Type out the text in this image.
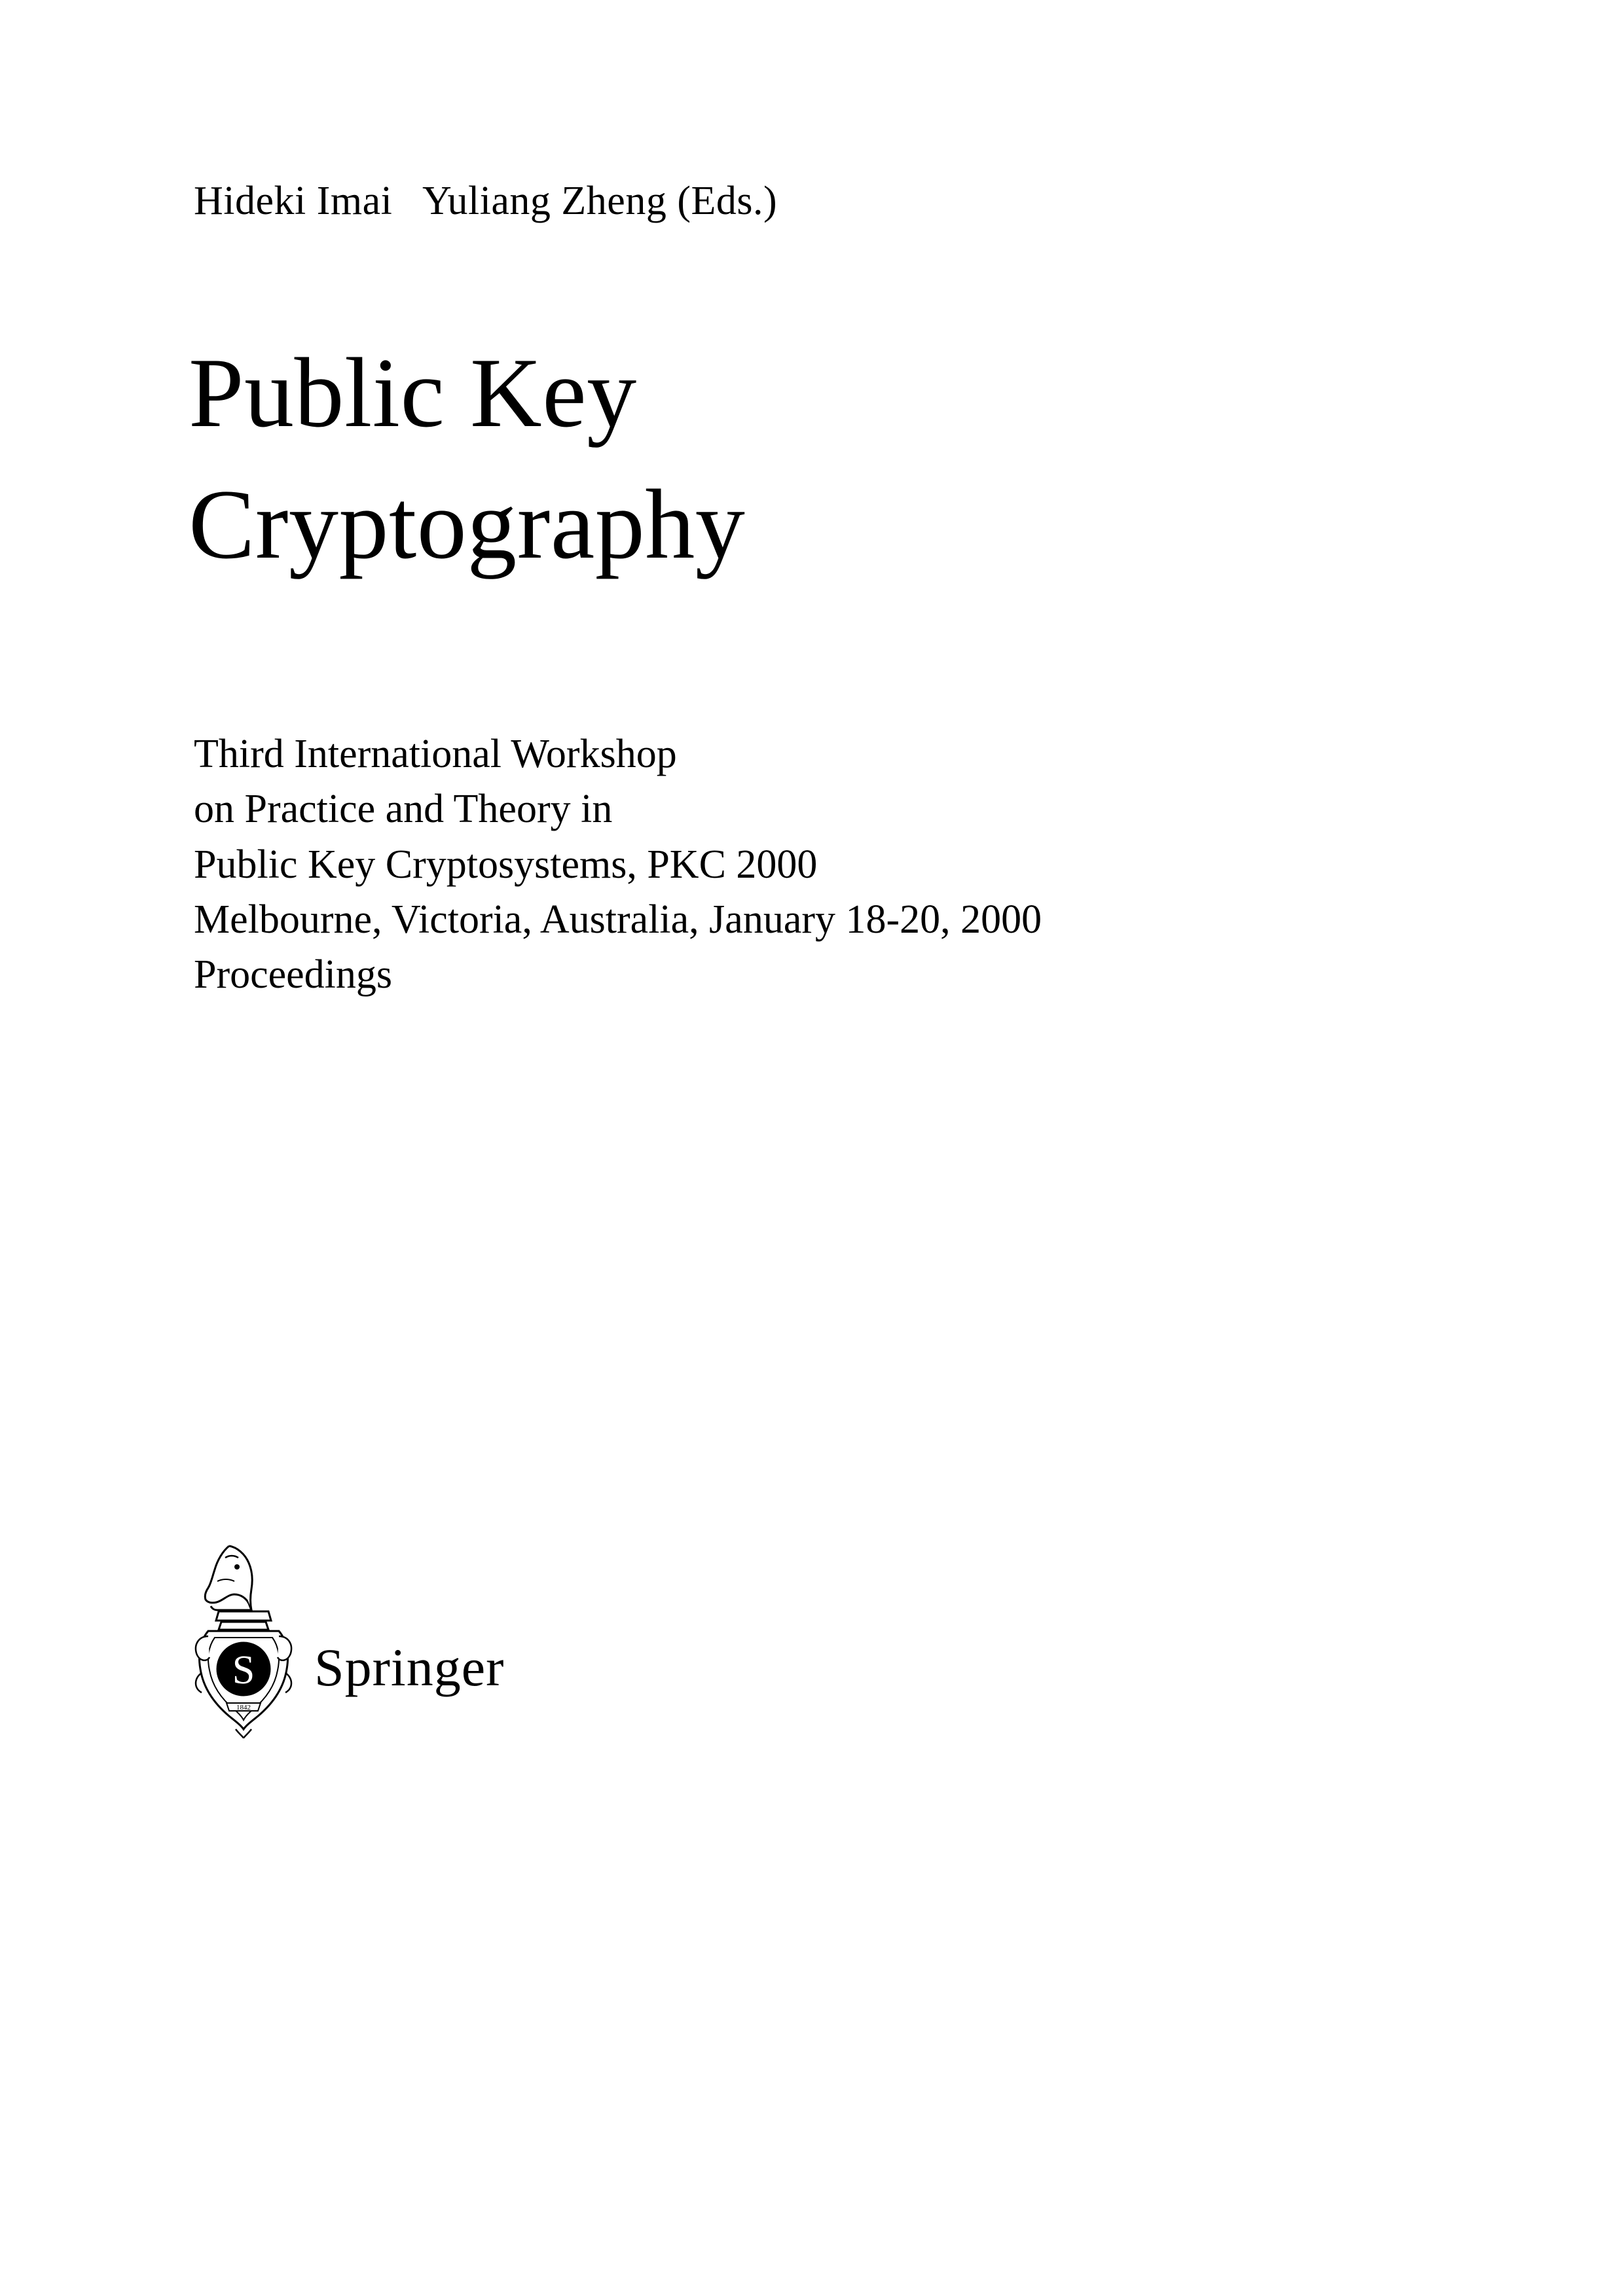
Hideki Imai   Yuliang Zheng (Eds.)
Public Key
Cryptography
Third International Workshop
on Practice and Theory in
Public Key Cryptosystems, PKC 2000
Melbourne, Victoria, Australia, January 18-20, 2000
Proceedings
S
1842
Springer
